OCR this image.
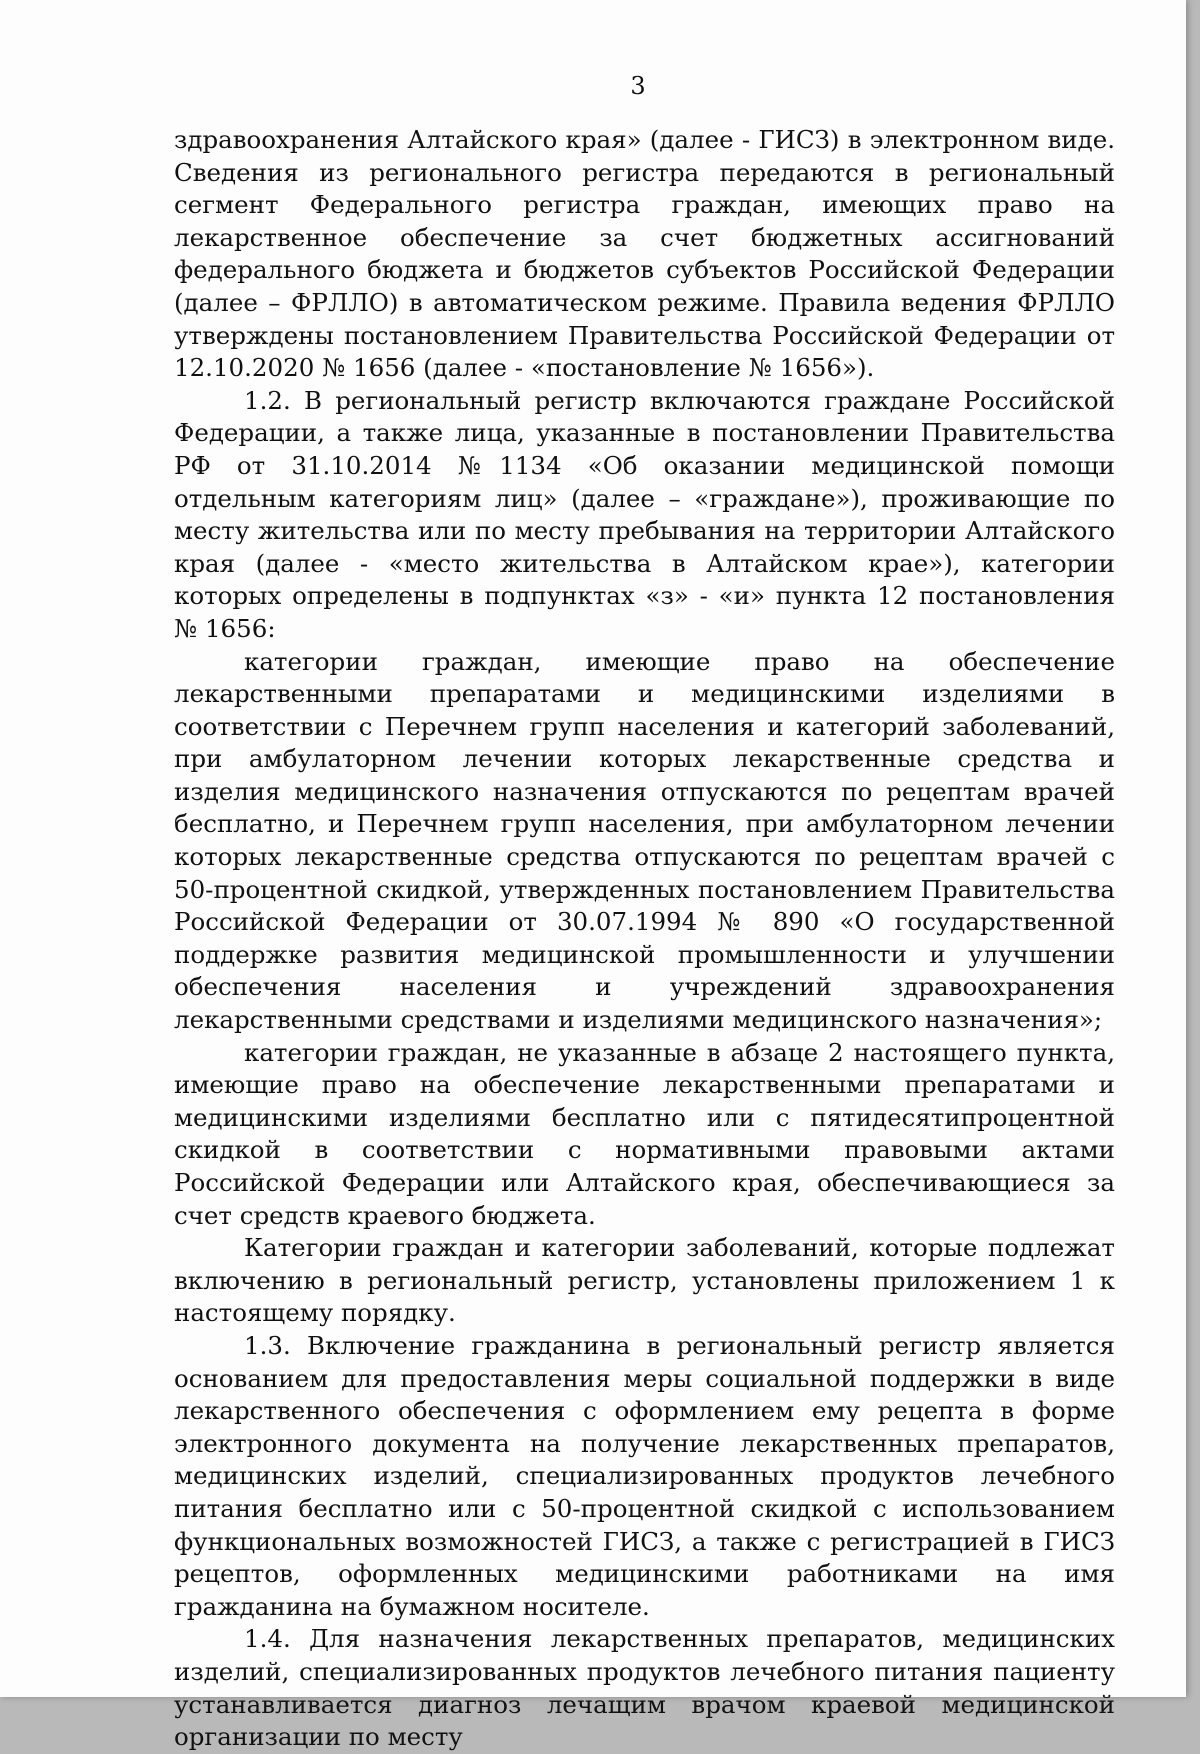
3

здравоохранения Алтайского края» (далее - ГИСЗ) в электронном виде. Сведения из регионального регистра передаются в региональный сегмент Федерального регистра граждан, имеющих право на лекарственное обеспечение за счет бюджетных ассигнований федерального бюджета и бюджетов субъектов Российской Федерации (далее – ФРЛЛО) в автоматическом режиме. Правила ведения ФРЛЛО утверждены постановлением Правительства Российской Федерации от 12.10.2020 № 1656 (далее - «постановление № 1656»).

1.2. В региональный регистр включаются граждане Российской Федерации, а также лица, указанные в постановлении Правительства РФ от 31.10.2014 №1134 «Об оказании медицинской помощи отдельным категориям лиц» (далее – «граждане»), проживающие по месту жительства или по месту пребывания на территории Алтайского края (далее - «место жительства в Алтайском крае»), категории которых определены в подпунктах «з» - «и» пункта 12 постановления № 1656:

категории граждан, имеющие право на обеспечение лекарственными препаратами и медицинскими изделиями в соответствии с Перечнем групп населения и категорий заболеваний, при амбулаторном лечении которых лекарственные средства и изделия медицинского назначения отпускаются по рецептам врачей бесплатно, и Перечнем групп населения, при амбулаторном лечении которых лекарственные средства отпускаются по рецептам врачей с 50-процентной скидкой, утвержденных постановлением Правительства Российской Федерации от 30.07.1994 № 890 «О государственной поддержке развития медицинской промышленности и улучшении обеспечения населения и учреждений здравоохранения лекарственными средствами и изделиями медицинского назначения»;

категории граждан, не указанные в абзаце 2 настоящего пункта, имеющие право на обеспечение лекарственными препаратами и медицинскими изделиями бесплатно или с пятидесятипроцентной скидкой в соответствии с нормативными правовыми актами Российской Федерации или Алтайского края, обеспечивающиеся за счет средств краевого бюджета.

Категории граждан и категории заболеваний, которые подлежат включению в региональный регистр, установлены приложением 1 к настоящему порядку.

1.3. Включение гражданина в региональный регистр является основанием для предоставления меры социальной поддержки в виде лекарственного обеспечения с оформлением ему рецепта в форме электронного документа на получение лекарственных препаратов, медицинских изделий, специализированных продуктов лечебного питания бесплатно или с 50-процентной скидкой с использованием функциональных возможностей ГИСЗ, а также с регистрацией в ГИСЗ рецептов, оформленных медицинскими работниками на имя гражданина на бумажном носителе.

1.4. Для назначения лекарственных препаратов, медицинских изделий, специализированных продуктов лечебного питания пациенту устанавливается диагноз лечащим врачом краевой медицинской организации по месту
